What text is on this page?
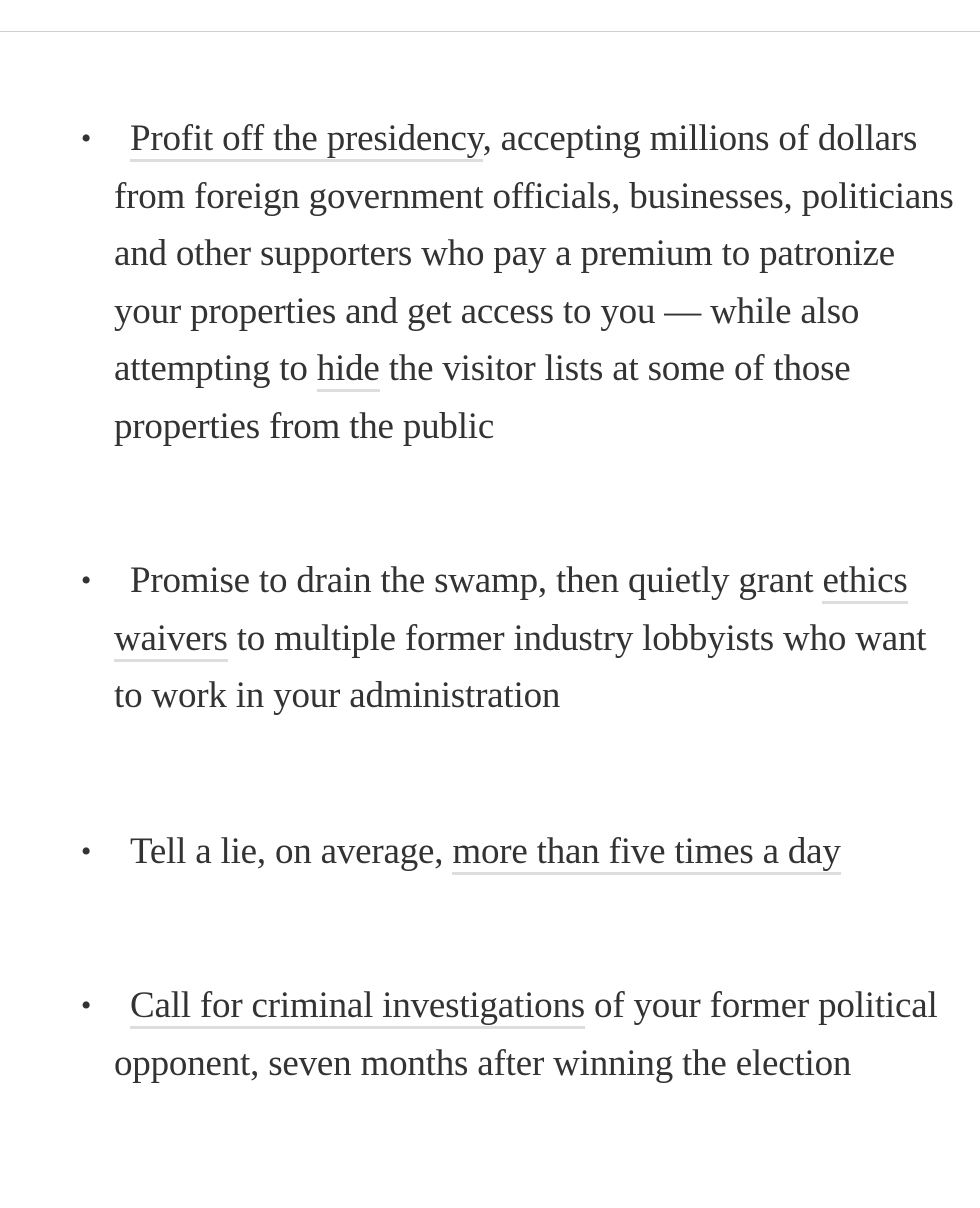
• Profit off the presidency, accepting millions of dollars from foreign government officials, businesses, politicians and other supporters who pay a premium to patronize your properties and get access to you — while also attempting to hide the visitor lists at some of those properties from the public
• Promise to drain the swamp, then quietly grant ethics waivers to multiple former industry lobbyists who want to work in your administration
• Tell a lie, on average, more than five times a day
• Call for criminal investigations of your former political opponent, seven months after winning the election
